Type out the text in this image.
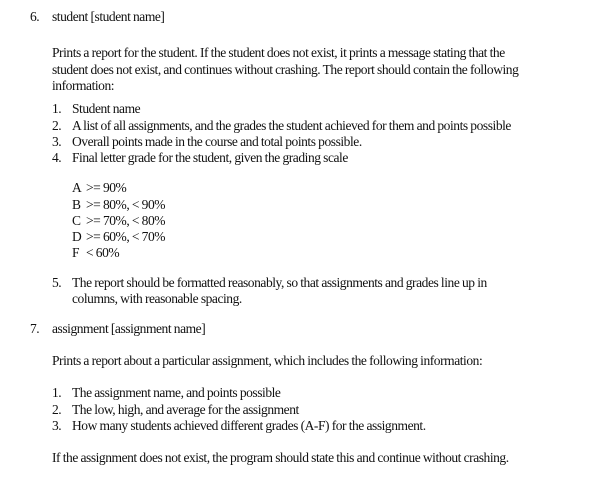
6. student [student name]
Prints a report for the student. If the student does not exist, it prints a message stating that the
student does not exist, and continues without crashing. The report should contain the following
information:
1. Student name
2. A list of all assignments, and the grades the student achieved for them and points possible
3. Overall points made in the course and total points possible.
4. Final letter grade for the student, given the grading scale
A >= 90%
B >= 80%, < 90%
C >= 70%, < 80%
D >= 60%, < 70%
F < 60%
5. The report should be formatted reasonably, so that assignments and grades line up in
columns, with reasonable spacing.
7. assignment [assignment name]
Prints a report about a particular assignment, which includes the following information:
1. The assignment name, and points possible
2. The low, high, and average for the assignment
3. How many students achieved different grades (A-F) for the assignment.
If the assignment does not exist, the program should state this and continue without crashing.
